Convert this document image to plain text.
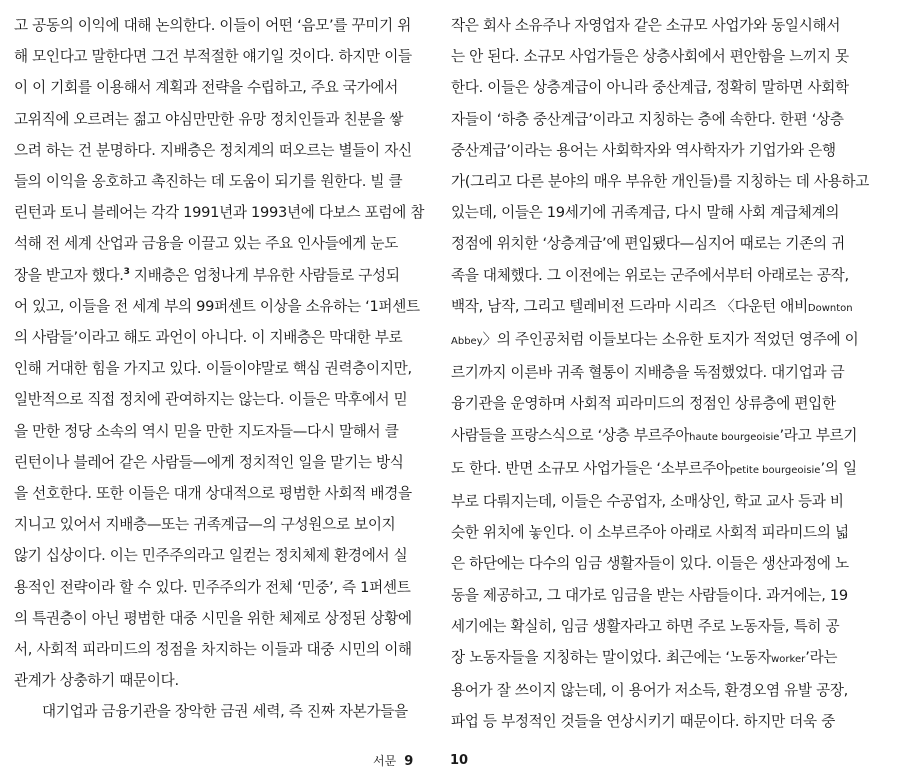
고 공동의 이익에 대해 논의한다. 이들이 어떤 ‘음모’를 꾸미기 위
해 모인다고 말한다면 그건 부적절한 얘기일 것이다. 하지만 이들
이 이 기회를 이용해서 계획과 전략을 수립하고, 주요 국가에서
고위직에 오르려는 젊고 야심만만한 유망 정치인들과 친분을 쌓
으려 하는 건 분명하다. 지배층은 정치계의 떠오르는 별들이 자신
들의 이익을 옹호하고 촉진하는 데 도움이 되기를 원한다. 빌 클
린턴과 토니 블레어는 각각 1991년과 1993년에 다보스 포럼에 참
석해 전 세계 산업과 금융을 이끌고 있는 주요 인사들에게 눈도
장을 받고자 했다.$^3$ 지배층은 엄청나게 부유한 사람들로 구성되
어 있고, 이들을 전 세계 부의 99퍼센트 이상을 소유하는 ‘1퍼센트
의 사람들’이라고 해도 과언이 아니다. 이 지배층은 막대한 부로
인해 거대한 힘을 가지고 있다. 이들이야말로 핵심 권력층이지만,
일반적으로 직접 정치에 관여하지는 않는다. 이들은 막후에서 믿
을 만한 정당 소속의 역시 믿을 만한 지도자들—다시 말해서 클
린턴이나 블레어 같은 사람들—에게 정치적인 일을 맡기는 방식
을 선호한다. 또한 이들은 대개 상대적으로 평범한 사회적 배경을
지니고 있어서 지배층—또는 귀족계급—의 구성원으로 보이지
않기 십상이다. 이는 민주주의라고 일컫는 정치체제 환경에서 실
용적인 전략이라 할 수 있다. 민주주의가 전체 ‘민중’, 즉 1퍼센트
의 특권층이 아닌 평범한 대중 시민을 위한 체제로 상정된 상황에
서, 사회적 피라미드의 정점을 차지하는 이들과 대중 시민의 이해
관계가 상충하기 때문이다.
대기업과 금융기관을 장악한 금권 세력, 즉 진짜 자본가들을
작은 회사 소유주나 자영업자 같은 소규모 사업가와 동일시해서
는 안 된다. 소규모 사업가들은 상층사회에서 편안함을 느끼지 못
한다. 이들은 상층계급이 아니라 중산계급, 정확히 말하면 사회학
자들이 ‘하층 중산계급’이라고 지칭하는 층에 속한다. 한편 ‘상층
중산계급’이라는 용어는 사회학자와 역사학자가 기업가와 은행
가(그리고 다른 분야의 매우 부유한 개인들)를 지칭하는 데 사용하고
있는데, 이들은 19세기에 귀족계급, 다시 말해 사회 계급체계의
정점에 위치한 ‘상층계급’에 편입됐다—심지어 때로는 기존의 귀
족을 대체했다. 그 이전에는 위로는 군주에서부터 아래로는 공작,
백작, 남작, 그리고 텔레비전 드라마 시리즈 〈다운턴 애비Downton
Abbey〉의 주인공처럼 이들보다는 소유한 토지가 적었던 영주에 이
르기까지 이른바 귀족 혈통이 지배층을 독점했었다. 대기업과 금
융기관을 운영하며 사회적 피라미드의 정점인 상류층에 편입한
사람들을 프랑스식으로 ‘상층 부르주아haute bourgeoisie’라고 부르기
도 한다. 반면 소규모 사업가들은 ‘소부르주아petite bourgeoisie’의 일
부로 다뤄지는데, 이들은 수공업자, 소매상인, 학교 교사 등과 비
슷한 위치에 놓인다. 이 소부르주아 아래로 사회적 피라미드의 넓
은 하단에는 다수의 임금 생활자들이 있다. 이들은 생산과정에 노
동을 제공하고, 그 대가로 임금을 받는 사람들이다. 과거에는, 19
세기에는 확실히, 임금 생활자라고 하면 주로 노동자들, 특히 공
장 노동자들을 지칭하는 말이었다. 최근에는 ‘노동자worker’라는
용어가 잘 쓰이지 않는데, 이 용어가 저소득, 환경오염 유발 공장,
파업 등 부정적인 것들을 연상시키기 때문이다. 하지만 더욱 중
서문 9	10
